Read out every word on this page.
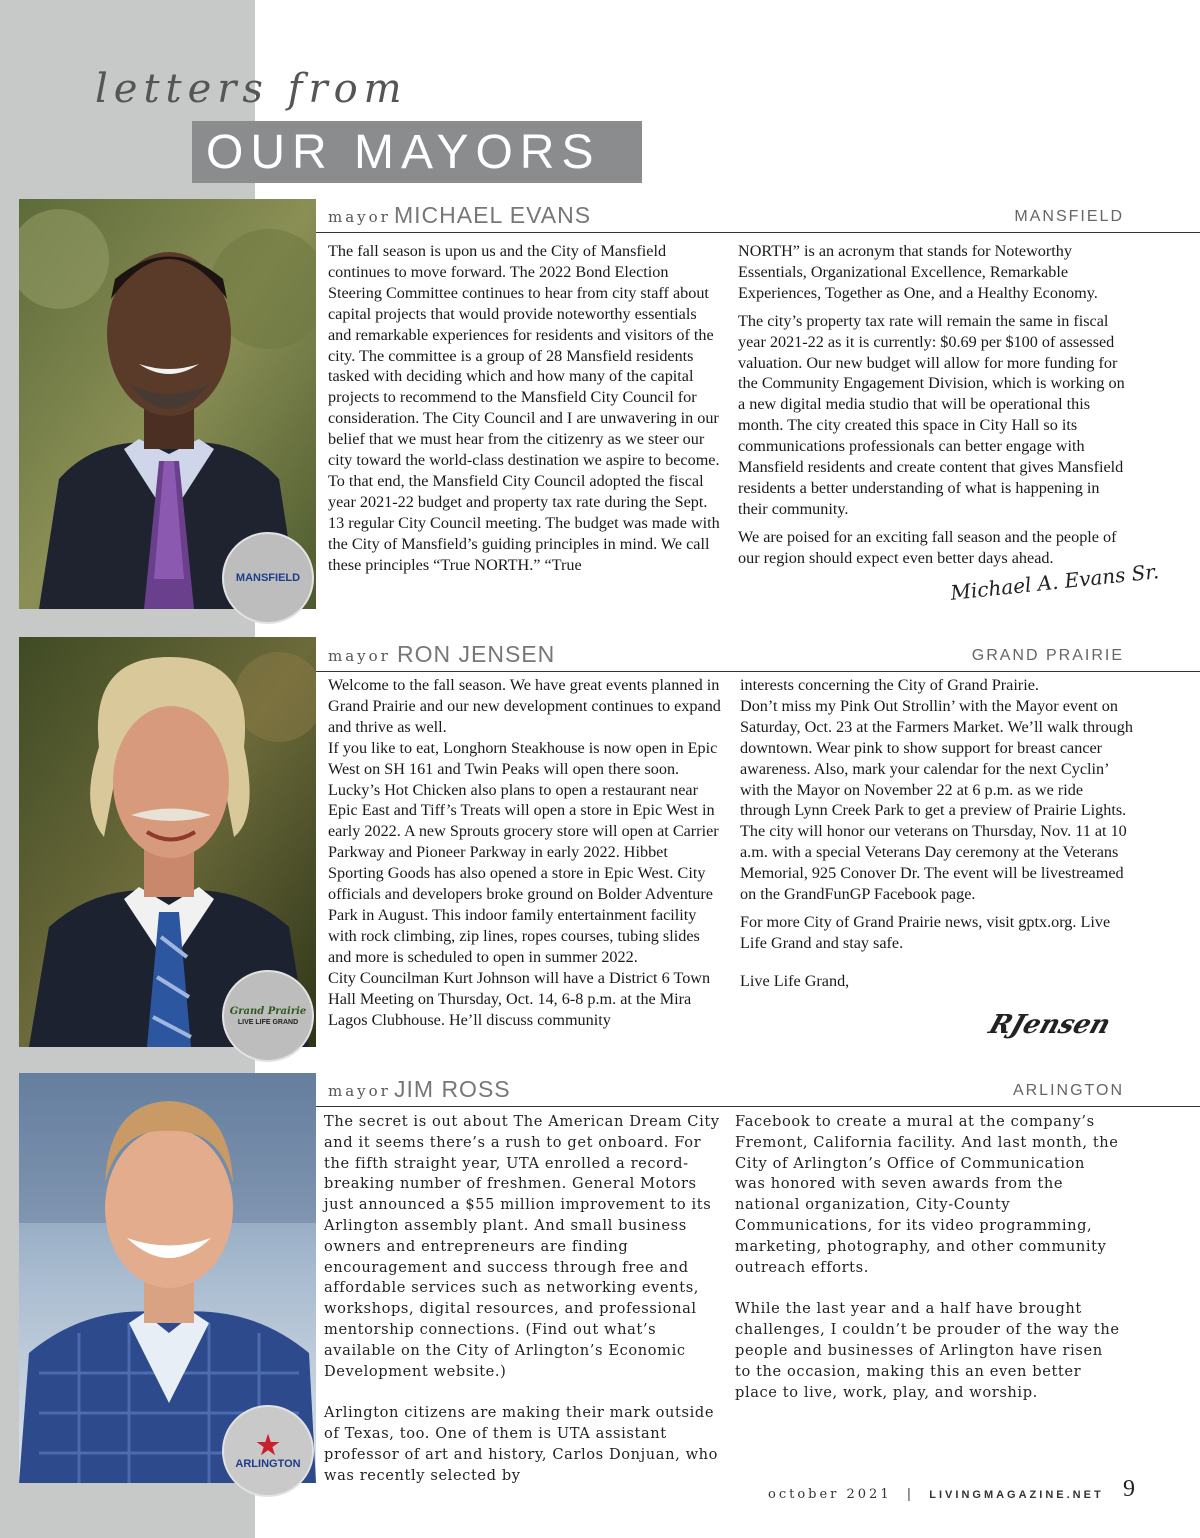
letters from
OUR MAYORS
MANSFIELD
mayor MICHAEL EVANS	MANSFIELD

The fall season is upon us and the City of Mansfield continues to move forward. The 2022 Bond Election Steering Committee continues to hear from city staff about capital projects that would provide noteworthy essentials and remarkable experiences for residents and visitors of the city. The committee is a group of 28 Mansfield residents tasked with deciding which and how many of the capital projects to recommend to the Mansfield City Council for consideration. The City Council and I are unwavering in our belief that we must hear from the citizenry as we steer our city toward the world-class destination we aspire to become.

To that end, the Mansfield City Council adopted the fiscal year 2021-22 budget and property tax rate during the Sept. 13 regular City Council meeting. The budget was made with the City of Mansfield’s guiding principles in mind. We call these principles “True NORTH.” “True

NORTH” is an acronym that stands for Noteworthy Essentials, Organizational Excellence, Remarkable Experiences, Together as One, and a Healthy Economy.

The city’s property tax rate will remain the same in fiscal year 2021-22 as it is currently: $0.69 per $100 of assessed valuation. Our new budget will allow for more funding for the Community Engagement Division, which is working on a new digital media studio that will be operational this month. The city created this space in City Hall so its communications professionals can better engage with Mansfield residents and create content that gives Mansfield residents a better understanding of what is happening in their community.

We are poised for an exciting fall season and the people of our region should expect even better days ahead.

Michael A. Evans Sr.
Grand Prairie
LIVE LIFE GRAND
mayor RON JENSEN	GRAND PRAIRIE

Welcome to the fall season. We have great events planned in Grand Prairie and our new development continues to expand and thrive as well.

If you like to eat, Longhorn Steakhouse is now open in Epic West on SH 161 and Twin Peaks will open there soon. Lucky’s Hot Chicken also plans to open a restaurant near Epic East and Tiff’s Treats will open a store in Epic West in early 2022. A new Sprouts grocery store will open at Carrier Parkway and Pioneer Parkway in early 2022. Hibbet Sporting Goods has also opened a store in Epic West. City officials and developers broke ground on Bolder Adventure Park in August. This indoor family entertainment facility with rock climbing, zip lines, ropes courses, tubing slides and more is scheduled to open in summer 2022.

City Councilman Kurt Johnson will have a District 6 Town Hall Meeting on Thursday, Oct. 14, 6-8 p.m. at the Mira Lagos Clubhouse. He’ll discuss community

interests concerning the City of Grand Prairie.

Don’t miss my Pink Out Strollin’ with the Mayor event on Saturday, Oct. 23 at the Farmers Market. We’ll walk through downtown. Wear pink to show support for breast cancer awareness. Also, mark your calendar for the next Cyclin’ with the Mayor on November 22 at 6 p.m. as we ride through Lynn Creek Park to get a preview of Prairie Lights.

The city will honor our veterans on Thursday, Nov. 11 at 10 a.m. with a special Veterans Day ceremony at the Veterans Memorial, 925 Conover Dr. The event will be livestreamed on the GrandFunGP Facebook page.

For more City of Grand Prairie news, visit gptx.org. Live Life Grand and stay safe.

Live Life Grand,

RJensen
★
ARLINGTON
mayor JIM ROSS	ARLINGTON

The secret is out about The American Dream City and it seems there’s a rush to get onboard. For the fifth straight year, UTA enrolled a record-breaking number of freshmen. General Motors just announced a $55 million improvement to its Arlington assembly plant. And small business owners and entrepreneurs are finding encouragement and success through free and affordable services such as networking events, workshops, digital resources, and professional mentorship connections. (Find out what’s available on the City of Arlington’s Economic Development website.)

Arlington citizens are making their mark outside of Texas, too. One of them is UTA assistant professor of art and history, Carlos Donjuan, who was recently selected by

Facebook to create a mural at the company’s Fremont, California facility. And last month, the City of Arlington’s Office of Communication was honored with seven awards from the national organization, City-County Communications, for its video programming, marketing, photography, and other community outreach efforts.

While the last year and a half have brought challenges, I couldn’t be prouder of the way the people and businesses of Arlington have risen to the occasion, making this an even better place to live, work, play, and worship.

october 2021 | LIVINGMAGAZINE.NET 9
